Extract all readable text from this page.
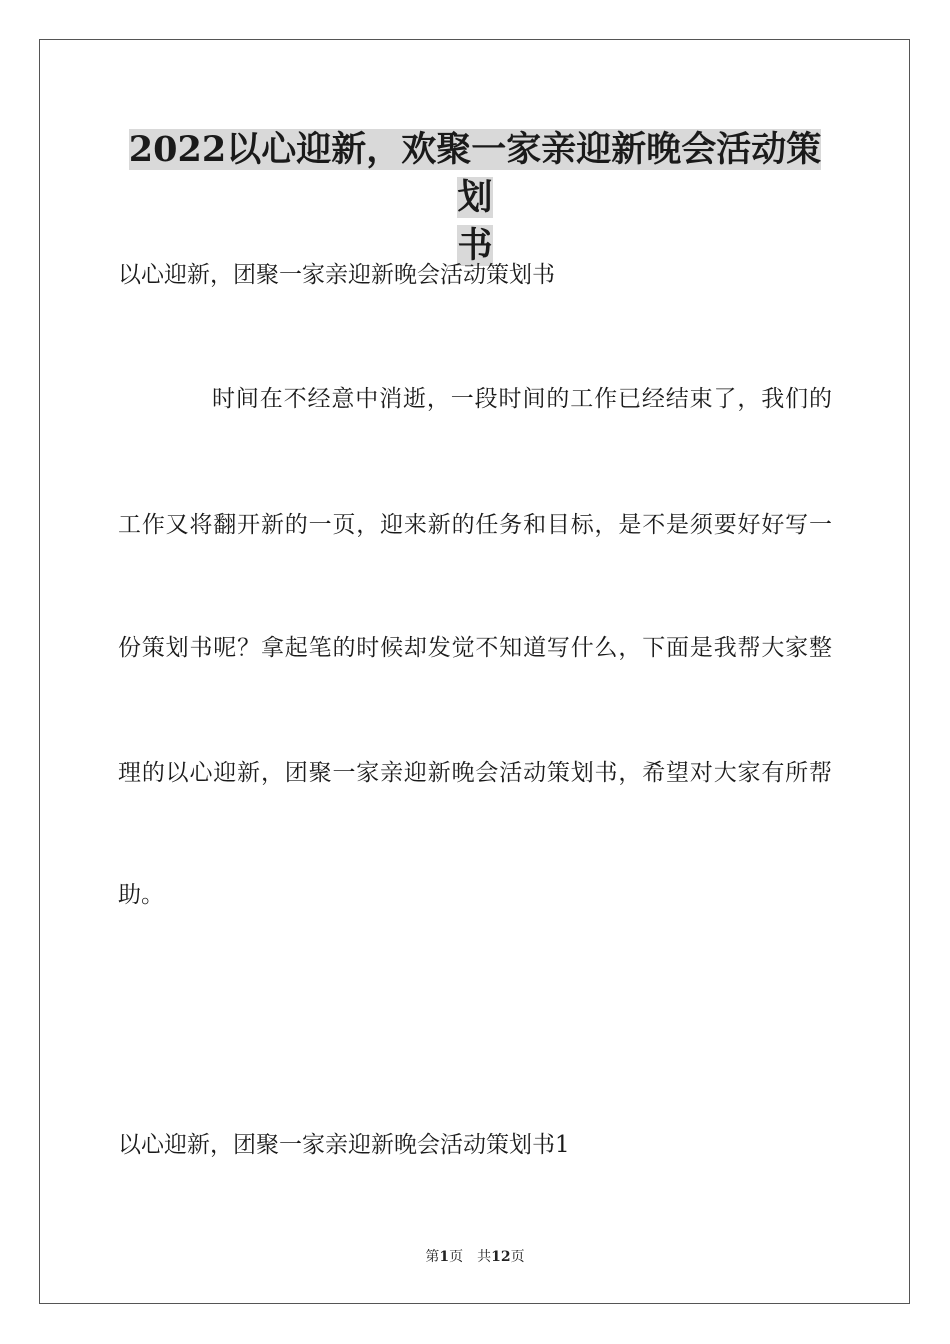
2022以心迎新，欢聚一家亲迎新晚会活动策划
书

以心迎新，团聚一家亲迎新晚会活动策划书

时间在不经意中消逝，一段时间的工作已经结束了，我们的

工作又将翻开新的一页，迎来新的任务和目标，是不是须要好好写一

份策划书呢？拿起笔的时候却发觉不知道写什么，下面是我帮大家整

理的以心迎新，团聚一家亲迎新晚会活动策划书，希望对大家有所帮

助。

以心迎新，团聚一家亲迎新晚会活动策划书1

第1页　共12页
